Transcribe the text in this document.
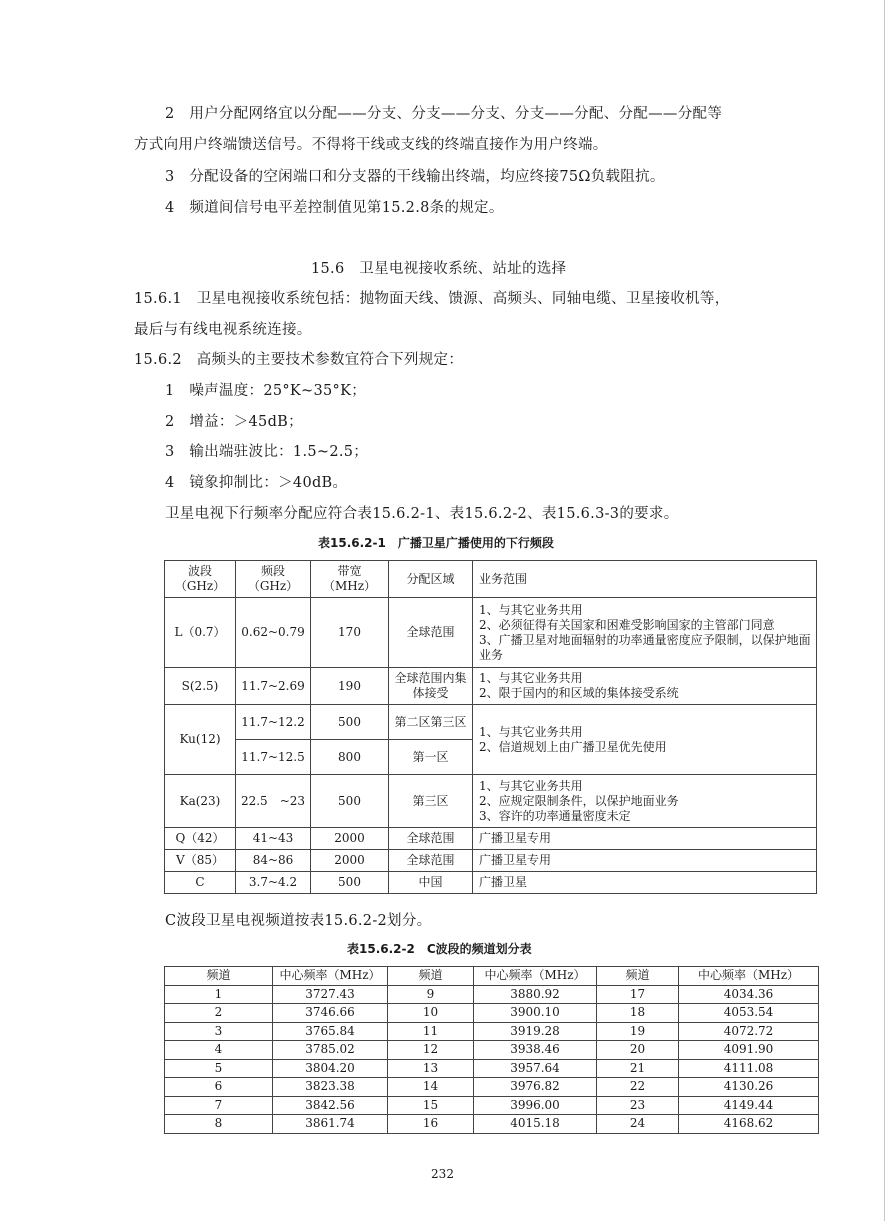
2　用户分配网络宜以分配——分支、分支——分支、分支——分配、分配——分配等
方式向用户终端馈送信号。不得将干线或支线的终端直接作为用户终端。
3　分配设备的空闲端口和分支器的干线输出终端，均应终接75Ω负载阻抗。
4　频道间信号电平差控制值见第15.2.8条的规定。
15.6　卫星电视接收系统、站址的选择
15.6.1　卫星电视接收系统包括：抛物面天线、馈源、高频头、同轴电缆、卫星接收机等，
最后与有线电视系统连接。
15.6.2　高频头的主要技术参数宜符合下列规定：
1　噪声温度：25°K~35°K；
2　增益：＞45dB；
3　输出端驻波比：1.5~2.5；
4　镜象抑制比：＞40dB。
卫星电视下行频率分配应符合表15.6.2-1、表15.6.2-2、表15.6.3-3的要求。
表15.6.2-1　广播卫星广播使用的下行频段
波段（GHz）	频段（GHz）	带宽（MHz）	分配区域	业务范围
L（0.7）	0.62~0.79	170	全球范围	1、与其它业务共用
2、必须征得有关国家和困难受影响国家的主管部门同意
3、广播卫星对地面辐射的功率通量密度应予限制，以保护地面业务

S(2.5)	11.7~2.69	190	全球范围内集体接受	1、与其它业务共用
2、限于国内的和区域的集体接受系统

Ku(12)	11.7~12.2	500	第二区第三区	1、与其它业务共用
2、信道规划上由广播卫星优先使用

	11.7~12.5	800	第一区	
Ka(23)	22.5　~23	500	第三区	1、与其它业务共用
2、应规定限制条件，以保护地面业务
3、容许的功率通量密度未定

Q（42）	41~43	2000	全球范围	广播卫星专用
V（85）	84~86	2000	全球范围	广播卫星专用
C	3.7~4.2	500	中国	广播卫星
C波段卫星电视频道按表15.6.2-2划分。
表15.6.2-2　C波段的频道划分表
频道	中心频率（MHz）	频道	中心频率（MHz）	频道	中心频率（MHz）
1	3727.43	9	3880.92	17	4034.36
2	3746.66	10	3900.10	18	4053.54
3	3765.84	11	3919.28	19	4072.72
4	3785.02	12	3938.46	20	4091.90
5	3804.20	13	3957.64	21	4111.08
6	3823.38	14	3976.82	22	4130.26
7	3842.56	15	3996.00	23	4149.44
8	3861.74	16	4015.18	24	4168.62
232
